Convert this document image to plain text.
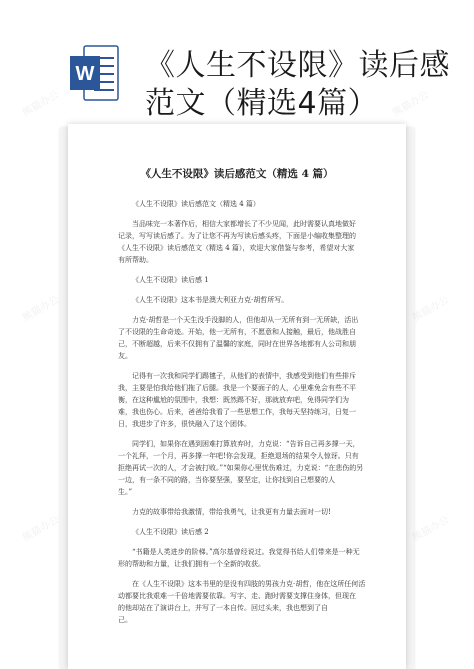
W 《人生不设限》读后感
范文（精选4篇）
《人生不设限》读后感范文（精选 4 篇）
《人生不设限》读后感范文（精选 4 篇）
当品味完一本著作后，相信大家都增长了不少见闻，此时需要认真地做好
记录，写写读后感了。为了让您不再为写读后感头疼，下面是小编收集整理的
《人生不设限》读后感范文（精选 4 篇），欢迎大家借鉴与参考，希望对大家
有所帮助。
《人生不设限》读后感 1
《人生不设限》这本书是澳大利亚力克·胡哲所写。
力克·胡哲是一个天生没手没脚的人，但他却从一无所有到一无所缺，活出
了不设限的生命奇迹。开始，他一无所有，不愿意和人接触，最后，他战胜自
己，不断超越，后来不仅拥有了温馨的家庭，同时在世界各地都有人公司和朋
友。
记得有一次我和同学们踢毽子，从他们的表情中，我感受到他们有些排斥
我，主要是怕我给他们拖了后腿。我是一个要面子的人，心里难免会有些不平
衡，在这种尴尬的氛围中，我想：既然踢不好，那就放弃吧，免得同学们为
难，我也伤心。后来，爸爸给我看了一些思想工作，我每天坚持练习，日复一
日，我进步了许多，很快融入了这个团体。
同学们，如果你在遇到困难打算放弃时，力克说：“告诉自己再多撑一天，
一个礼拜，一个月，再多撑一年吧!你会发现，拒绝退场的结果令人惊讶。只有
拒绝再试一次的人，才会被打败。”“如果你心里忧伤难过，力克说：“在悲伤的另
一边，有一条不同的路，当你要坚强，要坚定，让你找到自己想要的人
生。”
力克的故事带给我激情，带给我勇气，让我更有力量去面对一切!
《人生不设限》读后感 2
“书籍是人类进步的阶梯。”高尔基曾经说过。我觉得书给人们带来是一种无
形的帮助和力量，让我们拥有一个全新的收获。
在《人生不设限》这本书里的是没有四肢的男孩力克·胡哲，他在这所任何活
动都要比我艰难一千倍地需要依靠。写字、走、跑时需要支撑住身体，但现在
的他却站在了演讲台上，并写了一本自传。回过头来，我也想到了自
己。
熊猫办公	熊猫办公
熊猫办公	熊猫办公
